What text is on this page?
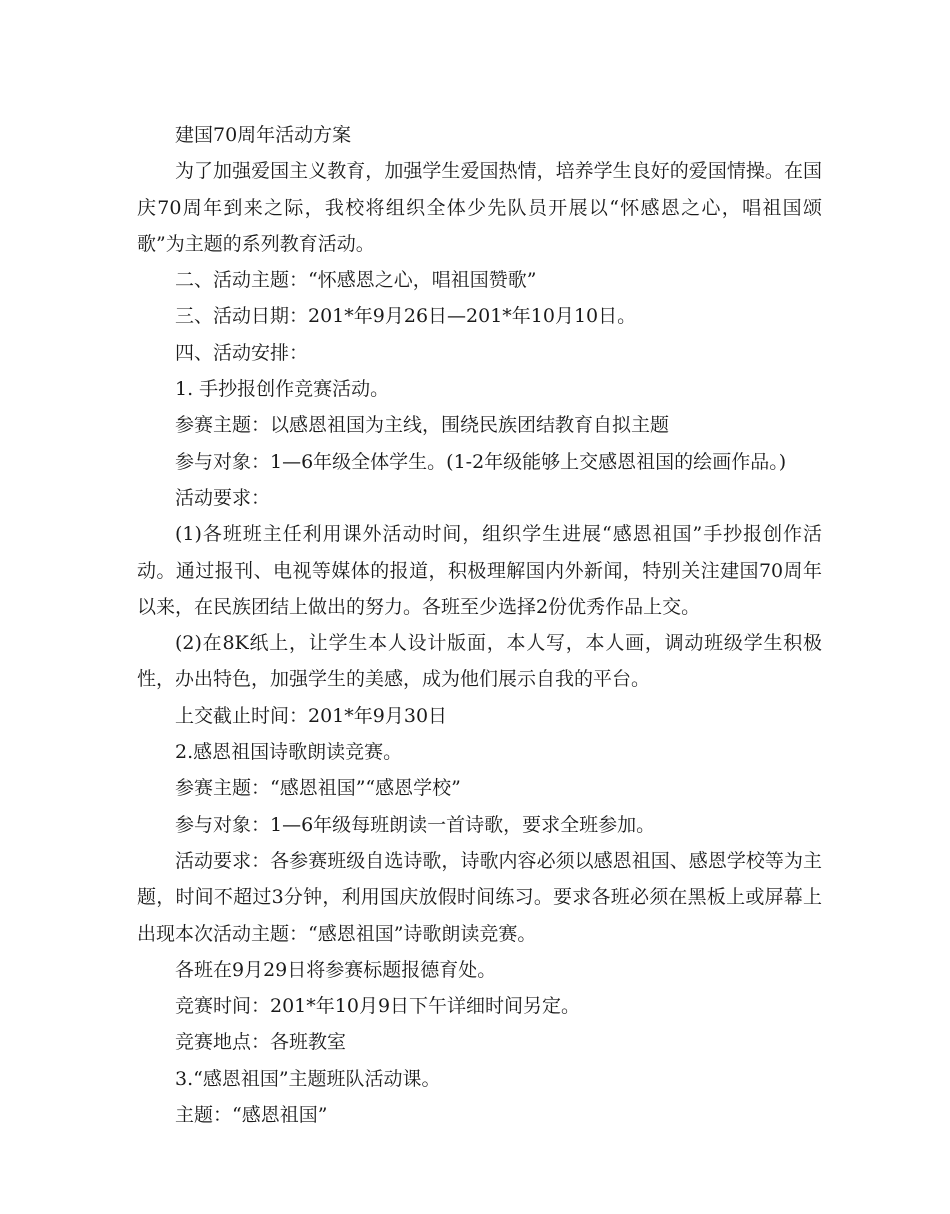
建国70周年活动方案

为了加强爱国主义教育，加强学生爱国热情，培养学生良好的爱国情操。在国庆70周年到来之际，我校将组织全体少先队员开展以“怀感恩之心，唱祖国颂歌”为主题的系列教育活动。

二、活动主题：“怀感恩之心，唱祖国赞歌”

三、活动日期：201*年9月26日—201*年10月10日。

四、活动安排：

1. 手抄报创作竞赛活动。

参赛主题：以感恩祖国为主线，围绕民族团结教育自拟主题

参与对象：1—6年级全体学生。(1-2年级能够上交感恩祖国的绘画作品。)

活动要求：

(1)各班班主任利用课外活动时间，组织学生进展“感恩祖国”手抄报创作活动。通过报刊、电视等媒体的报道，积极理解国内外新闻，特别关注建国70周年以来，在民族团结上做出的努力。各班至少选择2份优秀作品上交。

(2)在8K纸上，让学生本人设计版面，本人写，本人画，调动班级学生积极性，办出特色，加强学生的美感，成为他们展示自我的平台。

上交截止时间：201*年9月30日

2.感恩祖国诗歌朗读竞赛。

参赛主题：“感恩祖国”“感恩学校”

参与对象：1—6年级每班朗读一首诗歌，要求全班参加。

活动要求：各参赛班级自选诗歌，诗歌内容必须以感恩祖国、感恩学校等为主题，时间不超过3分钟，利用国庆放假时间练习。要求各班必须在黑板上或屏幕上出现本次活动主题：“感恩祖国”诗歌朗读竞赛。

各班在9月29日将参赛标题报德育处。

竞赛时间：201*年10月9日下午详细时间另定。

竞赛地点：各班教室

3.“感恩祖国”主题班队活动课。

主题：“感恩祖国”
